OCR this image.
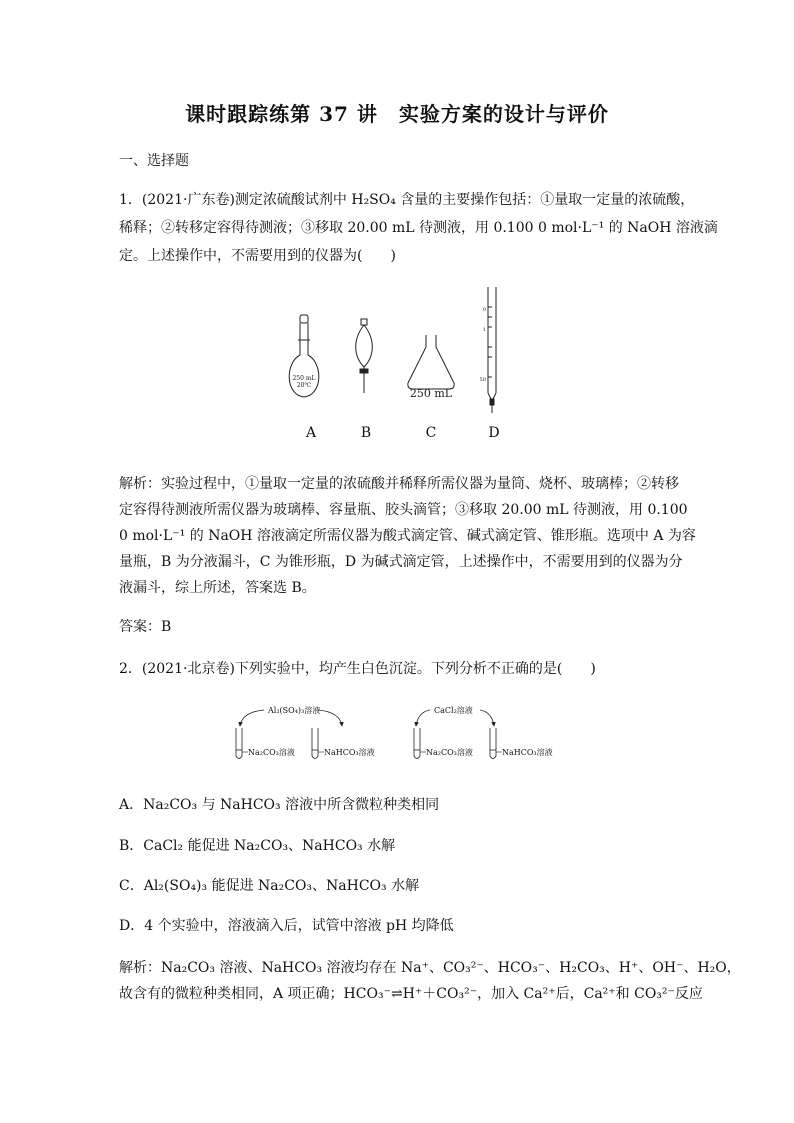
课时跟踪练第 37 讲　实验方案的设计与评价
一、选择题
1．(2021·广东卷)测定浓硫酸试剂中 H₂SO₄ 含量的主要操作包括：①量取一定量的浓硫酸，
稀释；②转移定容得待测液；③移取 20.00 mL 待测液，用 0.100 0 mol·L⁻¹ 的 NaOH 溶液滴
定。上述操作中，不需要用到的仪器为(　　)
250 mL
20℃
250 mL
0
1
50
A	B	C	D
解析：实验过程中，①量取一定量的浓硫酸并稀释所需仪器为量筒、烧杯、玻璃棒；②转移
定容得待测液所需仪器为玻璃棒、容量瓶、胶头滴管；③移取 20.00 mL 待测液，用 0.100
0 mol·L⁻¹ 的 NaOH 溶液滴定所需仪器为酸式滴定管、碱式滴定管、锥形瓶。选项中 A 为容
量瓶，B 为分液漏斗，C 为锥形瓶，D 为碱式滴定管，上述操作中，不需要用到的仪器为分
液漏斗，综上所述，答案选 B。
答案：B
2．(2021·北京卷)下列实验中，均产生白色沉淀。下列分析不正确的是(　　)
Al₂(SO₄)₃溶液
Na₂CO₃溶液	NaHCO₃溶液
CaCl₂溶液
Na₂CO₃溶液	NaHCO₃溶液
A．Na₂CO₃ 与 NaHCO₃ 溶液中所含微粒种类相同
B．CaCl₂ 能促进 Na₂CO₃、NaHCO₃ 水解
C．Al₂(SO₄)₃ 能促进 Na₂CO₃、NaHCO₃ 水解
D．4 个实验中，溶液滴入后，试管中溶液 pH 均降低
解析：Na₂CO₃ 溶液、NaHCO₃ 溶液均存在 Na⁺、CO₃²⁻、HCO₃⁻、H₂CO₃、H⁺、OH⁻、H₂O，
故含有的微粒种类相同，A 项正确；HCO₃⁻⇌H⁺＋CO₃²⁻，加入 Ca²⁺后，Ca²⁺和 CO₃²⁻反应
